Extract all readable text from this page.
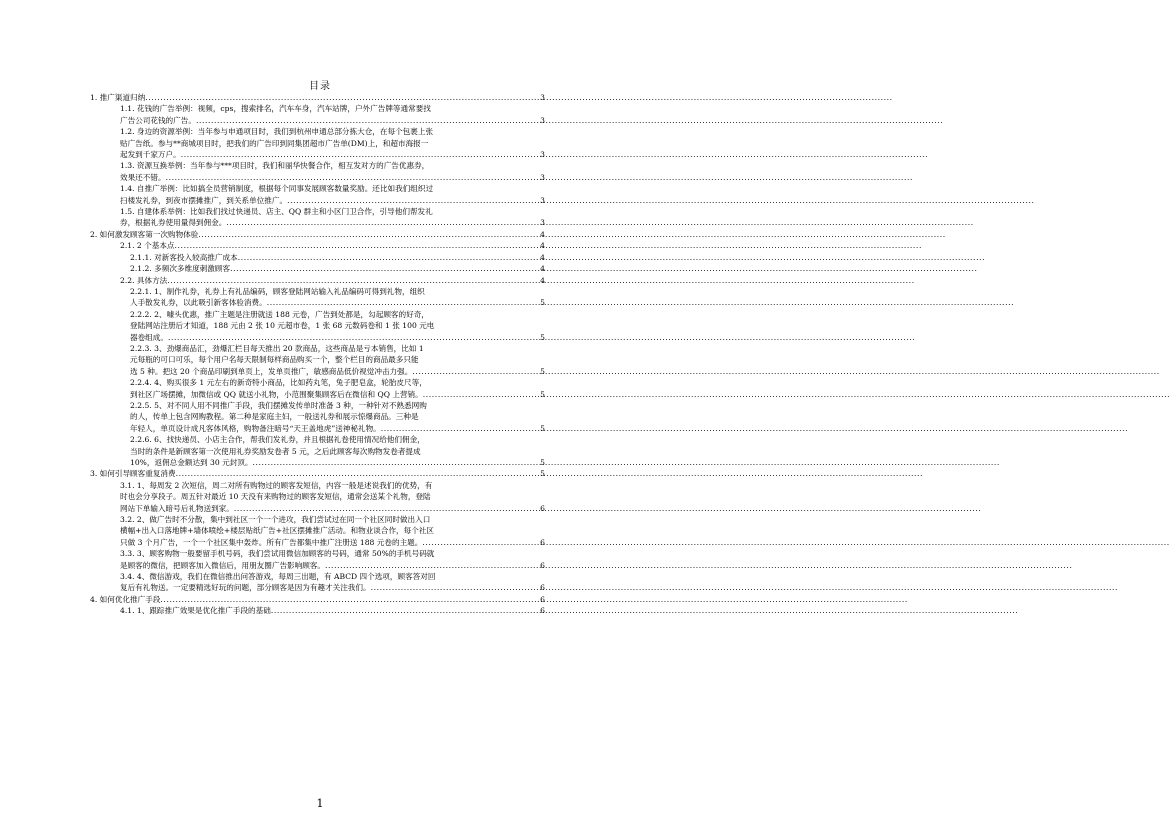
目录
1. 推广渠道归纳 .....	3
1.1. 花钱的广告举例：视频，cps，搜索排名，汽车车身，汽车站牌，户外广告牌等通常要找
广告公司花钱的广告。 .....	3
1.2. 身边的资源举例：当年参与申通项目时，我们到杭州申通总部分拣大仓，在每个包裹上张
贴广告纸。参与**商城项目时，把我们的广告印到同集团超市广告单(DM)上，和超市海报一
起发到千家万户。 .....	3
1.3. 资源互换举例：当年参与***项目时，我们和丽华快餐合作，相互发对方的广告优惠券，
效果还不错。 .....	3
1.4. 自推广举例：比如搞全员营销制度，根据每个同事发展顾客数量奖励。还比如我们组织过
扫楼发礼券，到夜市摆摊推广，到关系单位推广。 .....	3
1.5. 自建体系举例：比如我们找过快递员、店主、QQ 群主和小区门卫合作，引导他们帮发礼
券，根据礼券使用量得到佣金。 .....	3
2. 如何激发顾客第一次购物体验 .....	4
2.1. 2 个基本点 .....	4
2.1.1. 对新客投入较高推广成本 .....	4
2.1.2. 多频次多维度刺激顾客 .....	4
2.2. 具体方法 .....	4
2.2.1. 1、制作礼券，礼券上有礼品编码，顾客登陆网站输入礼品编码可得到礼物，组织
人手散发礼券，以此吸引新客体验消费。 .....	5
2.2.2. 2、噱头优惠，推广主题是注册就送 188 元卷，广告到处都是，勾起顾客的好奇，
登陆网站注册后才知道，188 元由 2 张 10 元超市卷，1 张 68 元数码卷和 1 张 100 元电
器卷组成。 .....	5
2.2.3. 3、劲爆商品汇，劲爆汇栏目每天推出 20 款商品，这些商品是亏本销售，比如 1
元每瓶的可口可乐，每个用户名每天限制每样商品购买一个，整个栏目的商品最多只能
选 5 种。把这 20 个商品印刷到单页上，发单页推广，敏感商品低价视觉冲击力强。 .....	5
2.2.4. 4、购买很多 1 元左右的新奇特小商品，比如药丸笔，兔子肥皂盒，轮胎皮尺等，
到社区广场摆摊，加微信或 QQ 就送小礼物，小范围聚集顾客后在微信和 QQ 上营销。 .....	5
2.2.5. 5、对不同人用不同推广手段，我们摆摊发传单时准备 3 种，一种针对不熟悉网购
的人，传单上包含网购教程。第二种是家庭主妇，一般送礼券和展示惊爆商品。三种是
年轻人，单页设计成凡客体风格，购物备注暗号“天王盖地虎”送神秘礼物。 .....	5
2.2.6. 6、找快递员、小店主合作，帮我们发礼券，并且根据礼卷使用情况给他们佣金，
当时的条件是新顾客第一次使用礼券奖励发卷者 5 元，之后此顾客每次购物发卷者提成
10%，返佣总金额达到 30 元封顶。 .....	5
3. 如何引导顾客重复消费 .....	5
3.1. 1、每周发 2 次短信，周二对所有购物过的顾客发短信，内容一般是述说我们的优势，有
时也会分享段子。周五针对最近 10 天没有来购物过的顾客发短信，通常会送某个礼物，登陆
网站下单输入暗号后礼物送到家。 .....	6
3.2. 2、做广告时不分散，集中到社区一个一个进攻，我们尝试过在同一个社区同时做出入口
横幅+出入口落地牌+墙体喷绘+楼层贴纸广告+社区摆摊推广活动。和物业谈合作，每个社区
只做 3 个月广告，一个一个社区集中轰炸。所有广告都集中推广注册送 188 元卷的主题。 .....	6
3.3. 3、顾客购物一般要留手机号码，我们尝试用微信加顾客的号码，通常 50%的手机号码就
是顾客的微信，把顾客加入微信后，用朋友圈广告影响顾客。 .....	6
3.4. 4、微信游戏，我们在微信推出问答游戏，每周三出题，有 ABCD 四个选项，顾客答对回
复后有礼物送。一定要精选好玩的问题，部分顾客是因为有趣才关注我们。 .....	6
4. 如何优化推广手段 .....	6
4.1. 1、跟踪推广效果是优化推广手段的基础 .....	6
1
